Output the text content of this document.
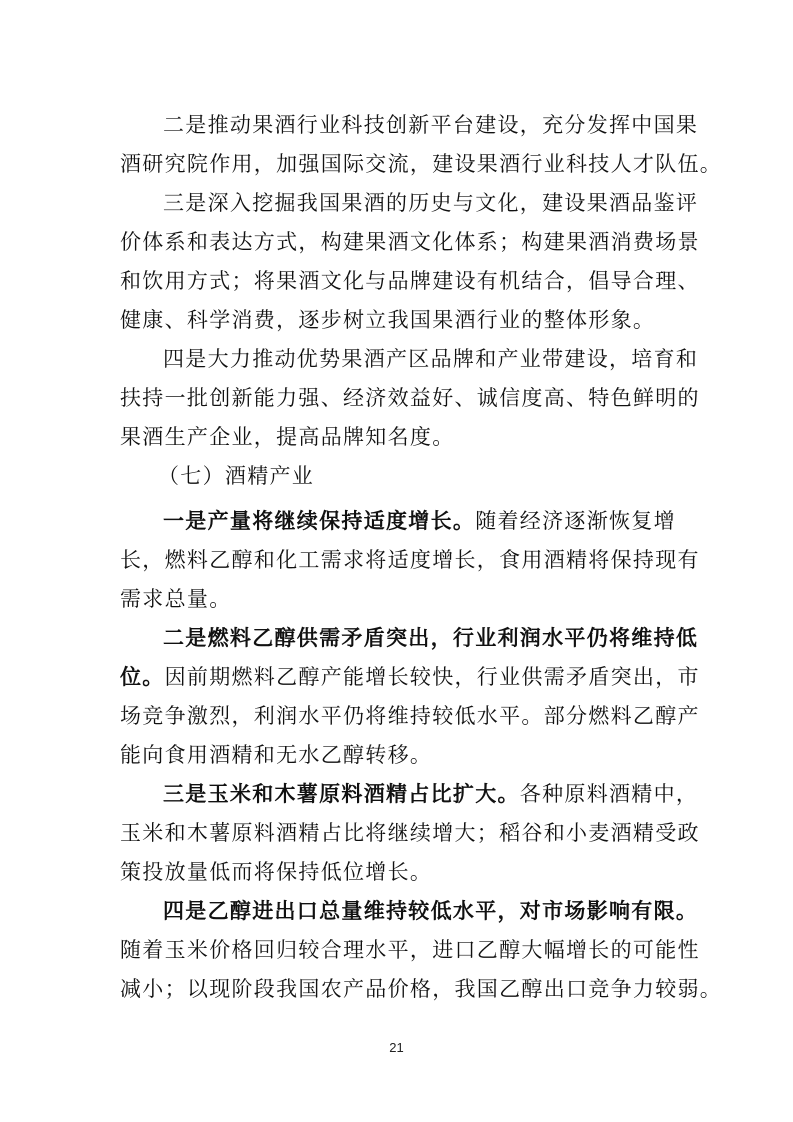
二是推动果酒行业科技创新平台建设，充分发挥中国果
酒研究院作用，加强国际交流，建设果酒行业科技人才队伍。
三是深入挖掘我国果酒的历史与文化，建设果酒品鉴评
价体系和表达方式，构建果酒文化体系；构建果酒消费场景
和饮用方式；将果酒文化与品牌建设有机结合，倡导合理、
健康、科学消费，逐步树立我国果酒行业的整体形象。
四是大力推动优势果酒产区品牌和产业带建设，培育和
扶持一批创新能力强、经济效益好、诚信度高、特色鲜明的
果酒生产企业，提高品牌知名度。
（七）酒精产业
一是产量将继续保持适度增长。随着经济逐渐恢复增
长，燃料乙醇和化工需求将适度增长，食用酒精将保持现有
需求总量。
二是燃料乙醇供需矛盾突出，行业利润水平仍将维持低
位。因前期燃料乙醇产能增长较快，行业供需矛盾突出，市
场竞争激烈，利润水平仍将维持较低水平。部分燃料乙醇产
能向食用酒精和无水乙醇转移。
三是玉米和木薯原料酒精占比扩大。各种原料酒精中，
玉米和木薯原料酒精占比将继续增大；稻谷和小麦酒精受政
策投放量低而将保持低位增长。
四是乙醇进出口总量维持较低水平，对市场影响有限。
随着玉米价格回归较合理水平，进口乙醇大幅增长的可能性
减小；以现阶段我国农产品价格，我国乙醇出口竞争力较弱。
21
